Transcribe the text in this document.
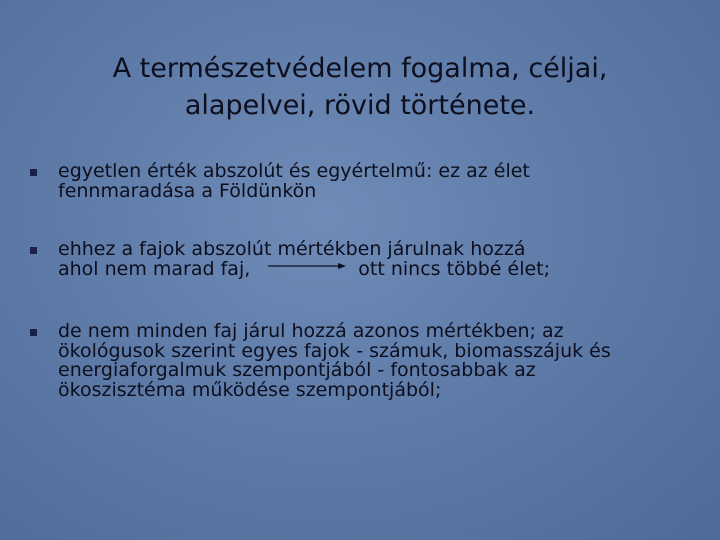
A természetvédelem fogalma, céljai,
alapelvei, rövid története.
egyetlen érték abszolút és egyértelmű: ez az élet
fennmaradása a Földünkön
ehhez a fajok abszolút mértékben járulnak hozzá
ahol nem marad faj,	ott nincs többé élet;
de nem minden faj járul hozzá azonos mértékben; az
ökológusok szerint egyes fajok - számuk, biomasszájuk és
energiaforgalmuk szempontjából - fontosabbak az
ökoszisztéma működése szempontjából;
